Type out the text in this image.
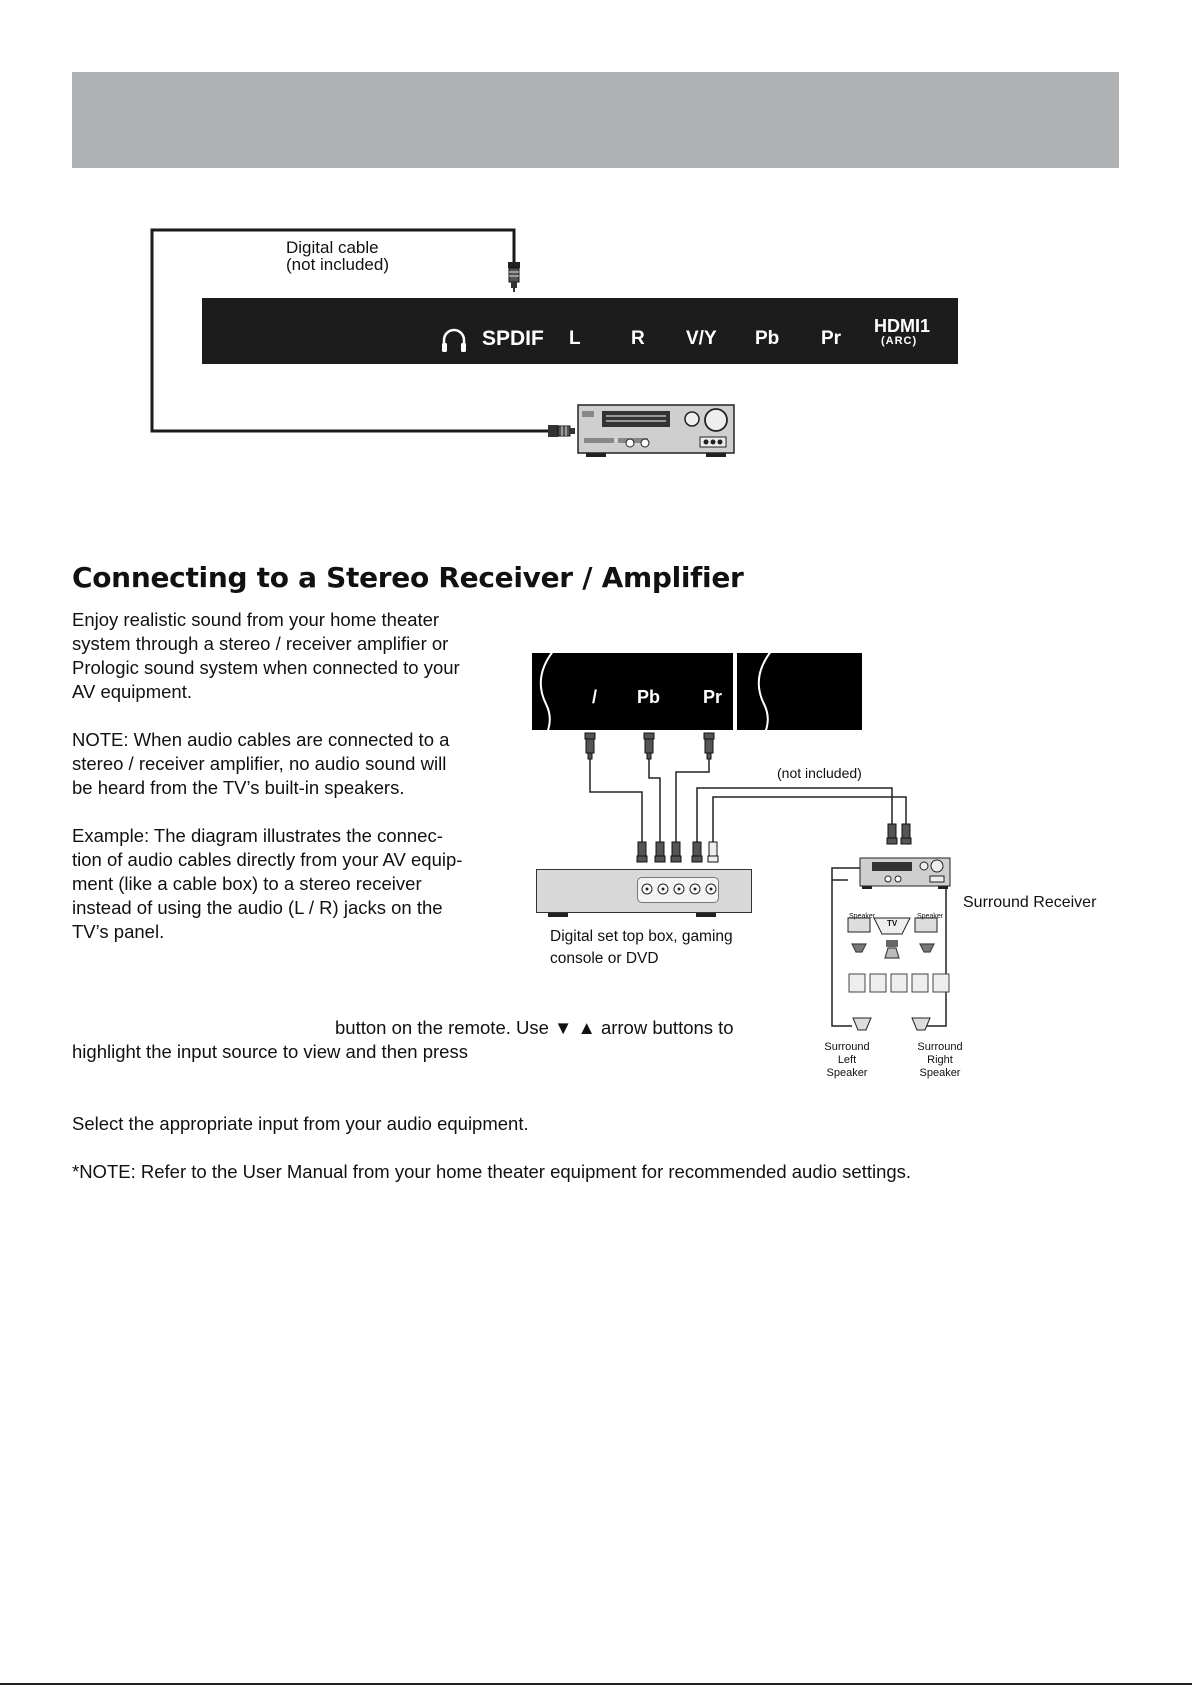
Digital cable
(not included)
SPDIF L	R V/Y Pb Pr
HDMI1
(ARC)
Connecting to a Stereo Receiver / Amplifier
Enjoy realistic sound from your home theater
system through a stereo / receiver amplifier or
Prologic sound system when connected to your
AV equipment.
NOTE: When audio cables are connected to a
stereo / receiver amplifier, no audio sound will
be heard from the TV’s built-in speakers.
Example: The diagram illustrates the connec-
tion of audio cables directly from your AV equip-
ment (like a cable box) to a stereo receiver
instead of using the audio (L / R) jacks on the
TV’s panel.
button on the remote. Use ▼ ▲ arrow buttons to
highlight the input source to view and then press
Select the appropriate input from your audio equipment.
*NOTE: Refer to the User Manual from your home theater equipment for recommended audio settings.
/ Pb Pr
Speaker	Speaker
TV
(not included)
Digital set top box, gaming
console or DVD
Surround Receiver
Surround Left
Speaker
Surround Right
Speaker
